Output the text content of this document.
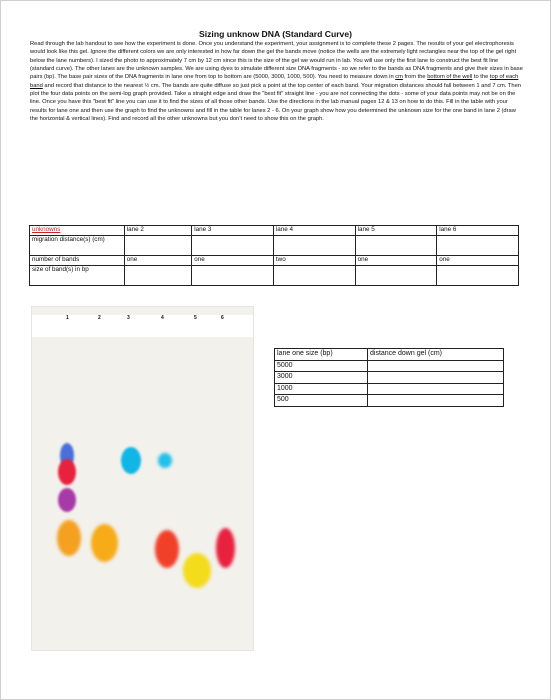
Sizing unknow DNA (Standard Curve)
Read through the lab handout to see how the experiment is done. Once you understand the experiment, your assignment is to complete these 2 pages. The results of your gel electrophoresis would look like this gel. Ignore the different colors we are only interested in how far down the gel the bands move (notice the wells are the extremely light rectangles near the top of the gel right below the lane numbers). I sized the photo to approximately 7 cm by 12 cm since this is the size of the gel we would run in lab. You will use only the first lane to construct the best fit line (standard curve). The other lanes are the unknown samples. We are using dyes to simulate different size DNA fragments - so we refer to the bands as DNA fragments and give their sizes in base pairs (bp). The base pair sizes of the DNA fragments in lane one from top to bottom are (5000, 3000, 1000, 500). You need to measure down in cm from the bottom of the well to the top of each band and record that distance to the nearest ½ cm. The bands are quite diffuse so just pick a point at the top center of each band. Your migration distances should fall between 1 and 7 cm. Then plot the four data points on the semi-log graph provided. Take a straight edge and draw the "best fit" straight line - you are not connecting the dots - some of your data points may not be on the line. Once you have this "best fit" line you can use it to find the sizes of all those other bands. Use the directions in the lab manual pages 12 & 13 on how to do this. Fill in the table with your results for lane one and then use the graph to find the unknowns and fill in the table for lanes 2 - 6. On your graph show how you determined the unknown size for the one band in lane 2 (draw the horizontal & vertical lines). Find and record all the other unknowns but you don't need to show this on the graph.
unknowns	lane 2	lane 3	lane 4	lane 5	lane 6
migration distance(s) (cm)					
number of bands	one	one	two	one	one
size of band(s) in bp					
1	2	3	4	5	6
lane one size (bp)	distance down gel (cm)
5000	
3000	
1000	
500	
